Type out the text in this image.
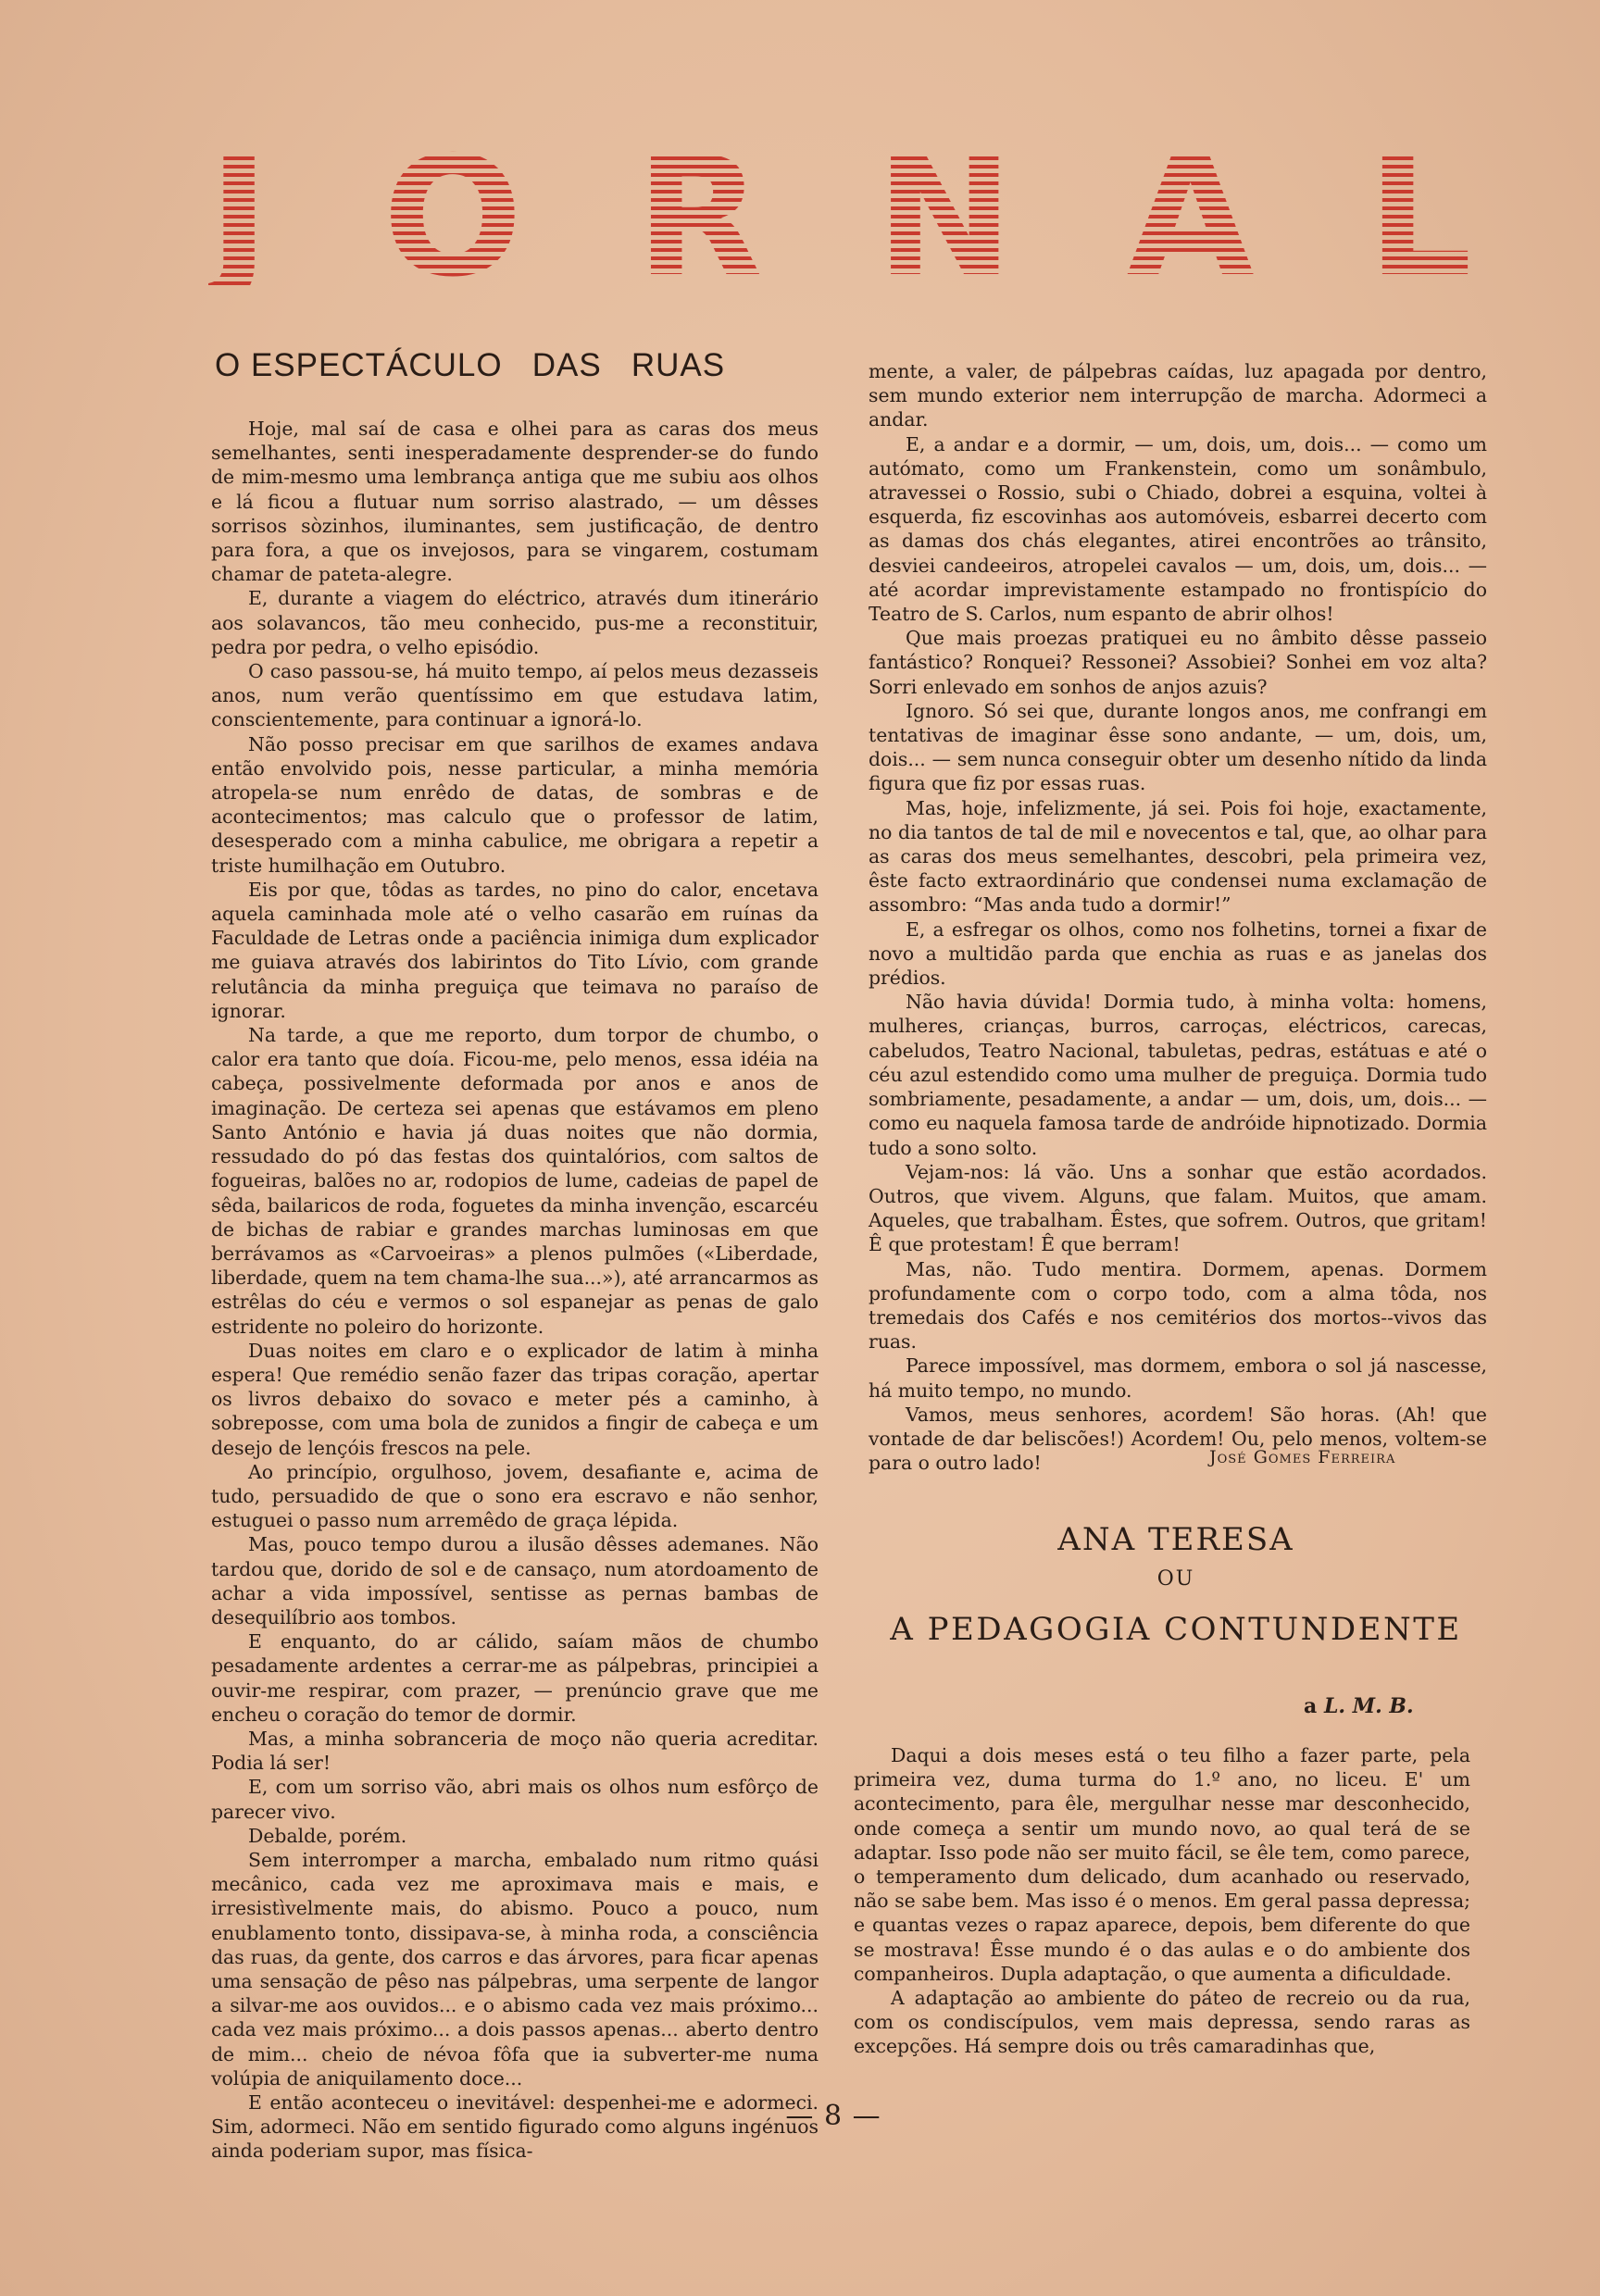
J O R N A L
O ESPECTÁCULO   DAS   RUAS

Hoje, mal saí de casa e olhei para as caras dos meus semelhantes, senti inesperadamente desprender-se do fundo de mim-mesmo uma lembrança antiga que me subiu aos olhos e lá ficou a flutuar num sorriso alastrado, — um dêsses sorrisos sòzinhos, iluminantes, sem justificação, de dentro para fora, a que os invejosos, para se vingarem, costumam chamar de pateta-alegre.

E, durante a viagem do eléctrico, através dum itinerário aos solavancos, tão meu conhecido, pus-me a reconstituir, pedra por pedra, o velho episódio.

O caso passou-se, há muito tempo, aí pelos meus dezasseis anos, num verão quentíssimo em que estudava latim, conscientemente, para continuar a ignorá-lo.

Não posso precisar em que sarilhos de exames andava então envolvido pois, nesse particular, a minha memória atropela-se num enrêdo de datas, de sombras e de acontecimentos; mas calculo que o professor de latim, desesperado com a minha cabulice, me obrigara a repetir a triste humilhação em Outubro.

Eis por que, tôdas as tardes, no pino do calor, encetava aquela caminhada mole até o velho casarão em ruínas da Faculdade de Letras onde a paciência inimiga dum explicador me guiava através dos labirintos do Tito Lívio, com grande relutância da minha preguiça que teimava no paraíso de ignorar.

Na tarde, a que me reporto, dum torpor de chumbo, o calor era tanto que doía. Ficou-me, pelo menos, essa idéia na cabeça, possivelmente deformada por anos e anos de imaginação. De certeza sei apenas que estávamos em pleno Santo António e havia já duas noites que não dormia, ressudado do pó das festas dos quintalórios, com saltos de fogueiras, balões no ar, rodopios de lume, cadeias de papel de sêda, bailaricos de roda, foguetes da minha invenção, escarcéu de bichas de rabiar e grandes marchas luminosas em que berrávamos as «Carvoeiras» a plenos pulmões («Liberdade, liberdade, quem na tem chama-lhe sua...»), até arrancarmos as estrêlas do céu e vermos o sol espanejar as penas de galo estridente no poleiro do horizonte.

Duas noites em claro e o explicador de latim à minha espera! Que remédio senão fazer das tripas coração, apertar os livros debaixo do sovaco e meter pés a caminho, à sobreposse, com uma bola de zunidos a fingir de cabeça e um desejo de lençóis frescos na pele.

Ao princípio, orgulhoso, jovem, desafiante e, acima de tudo, persuadido de que o sono era escravo e não senhor, estuguei o passo num arremêdo de graça lépida.

Mas, pouco tempo durou a ilusão dêsses ademanes. Não tardou que, dorido de sol e de cansaço, num atordoamento de achar a vida impossível, sentisse as pernas bambas de desequilíbrio aos tombos.

E enquanto, do ar cálido, saíam mãos de chumbo pesadamente ardentes a cerrar-me as pálpebras, principiei a ouvir-me respirar, com prazer, — prenúncio grave que me encheu o coração do temor de dormir.

Mas, a minha sobranceria de moço não queria acreditar. Podia lá ser!

E, com um sorriso vão, abri mais os olhos num esfôrço de parecer vivo.

Debalde, porém.

Sem interromper a marcha, embalado num ritmo quási mecânico, cada vez me aproximava mais e mais, e irresistìvelmente mais, do abismo. Pouco a pouco, num enublamento tonto, dissipava-se, à minha roda, a consciência das ruas, da gente, dos carros e das árvores, para ficar apenas uma sensação de pêso nas pálpebras, uma serpente de langor a silvar-me aos ouvidos... e o abismo cada vez mais próximo... cada vez mais próximo... a dois passos apenas... aberto dentro de mim... cheio de névoa fôfa que ia subverter-me numa volúpia de aniquilamento doce...

E então aconteceu o inevitável: despenhei-me e adormeci. Sim, adormeci. Não em sentido figurado como alguns ingénuos ainda poderiam supor, mas física-

mente, a valer, de pálpebras caídas, luz apagada por dentro, sem mundo exterior nem interrupção de marcha. Adormeci a andar.

E, a andar e a dormir, — um, dois, um, dois... — como um autómato, como um Frankenstein, como um sonâmbulo, atravessei o Rossio, subi o Chiado, dobrei a esquina, voltei à esquerda, fiz escovinhas aos automóveis, esbarrei decerto com as damas dos chás elegantes, atirei encontrões ao trânsito, desviei candeeiros, atropelei cavalos — um, dois, um, dois... — até acordar imprevistamente estampado no frontispício do Teatro de S. Carlos, num espanto de abrir olhos!

Que mais proezas pratiquei eu no âmbito dêsse passeio fantástico? Ronquei? Ressonei? Assobiei? Sonhei em voz alta? Sorri enlevado em sonhos de anjos azuis?

Ignoro. Só sei que, durante longos anos, me confrangi em tentativas de imaginar êsse sono andante, — um, dois, um, dois... — sem nunca conseguir obter um desenho nítido da linda figura que fiz por essas ruas.

Mas, hoje, infelizmente, já sei. Pois foi hoje, exactamente, no dia tantos de tal de mil e novecentos e tal, que, ao olhar para as caras dos meus semelhantes, descobri, pela primeira vez, êste facto extraordinário que condensei numa exclamação de assombro: “Mas anda tudo a dormir!”

E, a esfregar os olhos, como nos folhetins, tornei a fixar de novo a multidão parda que enchia as ruas e as janelas dos prédios.

Não havia dúvida! Dormia tudo, à minha volta: homens, mulheres, crianças, burros, carroças, eléctricos, carecas, cabeludos, Teatro Nacional, tabuletas, pedras, estátuas e até o céu azul estendido como uma mulher de preguiça. Dormia tudo sombriamente, pesadamente, a andar — um, dois, um, dois... — como eu naquela famosa tarde de andróide hipnotizado. Dormia tudo a sono solto.

Vejam-nos: lá vão. Uns a sonhar que estão acordados. Outros, que vivem. Alguns, que falam. Muitos, que amam. Aqueles, que trabalham. Êstes, que sofrem. Outros, que gritam! Ê que protestam! Ê que berram!

Mas, não. Tudo mentira. Dormem, apenas. Dormem profundamente com o corpo todo, com a alma tôda, nos tremedais dos Cafés e nos cemitérios dos mortos--vivos das ruas.

Parece impossível, mas dormem, embora o sol já nascesse, há muito tempo, no mundo.

Vamos, meus senhores, acordem! São horas. (Ah! que vontade de dar beliscões!) Acordem! Ou, pelo menos, voltem-se para o outro lado!	José Gomes Ferreira
ANA TERESA
OU
A PEDAGOGIA CONTUNDENTE
a L. M. B.

Daqui a dois meses está o teu filho a fazer parte, pela primeira vez, duma turma do 1.º ano, no liceu. E' um acontecimento, para êle, mergulhar nesse mar desconhecido, onde começa a sentir um mundo novo, ao qual terá de se adaptar. Isso pode não ser muito fácil, se êle tem, como parece, o temperamento dum delicado, dum acanhado ou reservado, não se sabe bem. Mas isso é o menos. Em geral passa depressa; e quantas vezes o rapaz aparece, depois, bem diferente do que se mostrava! Êsse mundo é o das aulas e o do ambiente dos companheiros. Dupla adaptação, o que aumenta a dificuldade.

A adaptação ao ambiente do páteo de recreio ou da rua, com os condiscípulos, vem mais depressa, sendo raras as excepções. Há sempre dois ou três camaradinhas que,

— 8 —
